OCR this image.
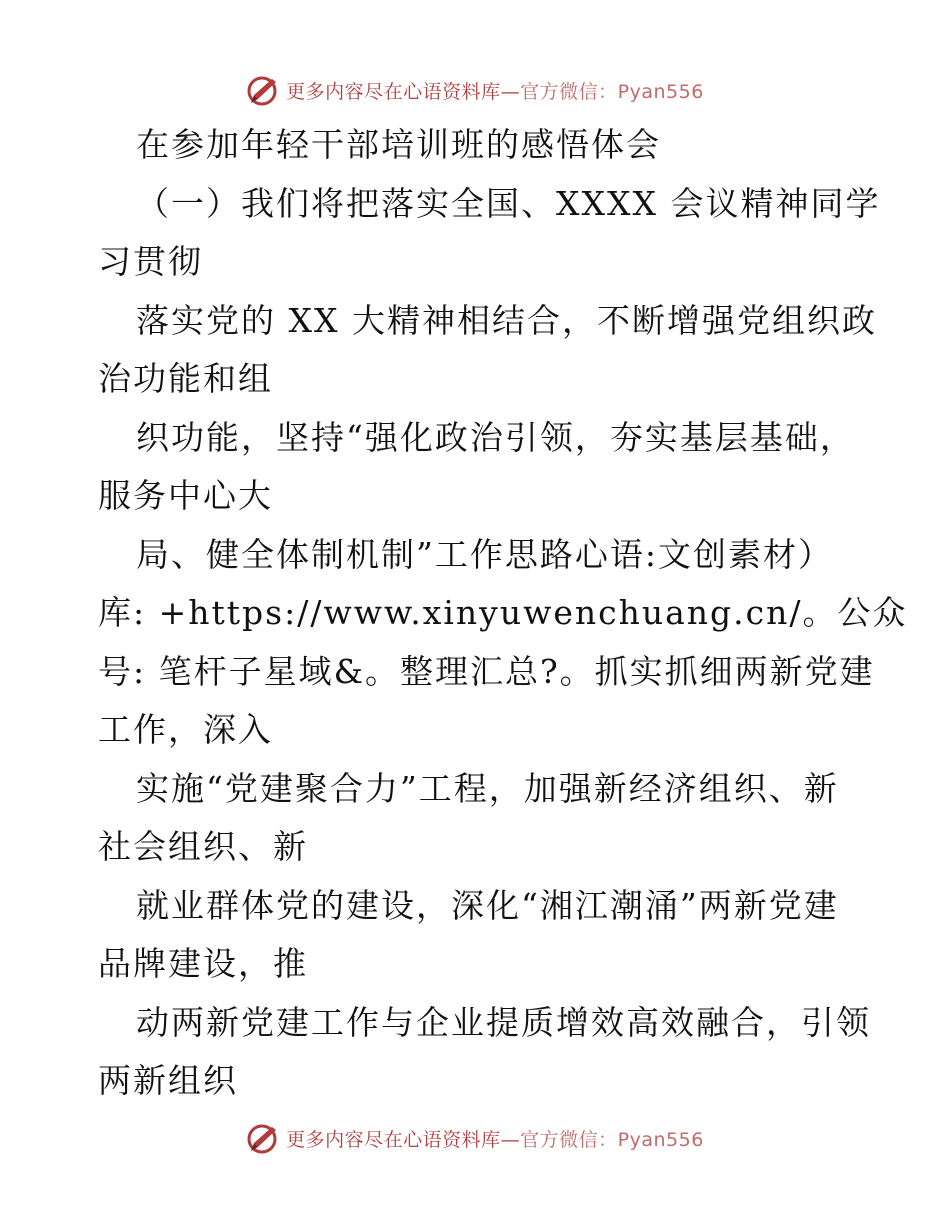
更多内容尽在心语资料库—官方微信：Pyan556
在参加年轻干部培训班的感悟体会
（一）我们将把落实全国、XXXX 会议精神同学
习贯彻
落实党的 XX 大精神相结合，不断增强党组织政
治功能和组
织功能，坚持“强化政治引领，夯实基层基础，
服务中心大
局、健全体制机制”工作思路心语:文创素材）
库: +https://www.xinyuwenchuang.cn/。公众
号: 笔杆子星域&。整理汇总?。抓实抓细两新党建
工作，深入
实施“党建聚合力”工程，加强新经济组织、新
社会组织、新
就业群体党的建设，深化“湘江潮涌”两新党建
品牌建设，推
动两新党建工作与企业提质增效高效融合，引领
两新组织
更多内容尽在心语资料库—官方微信：Pyan556
